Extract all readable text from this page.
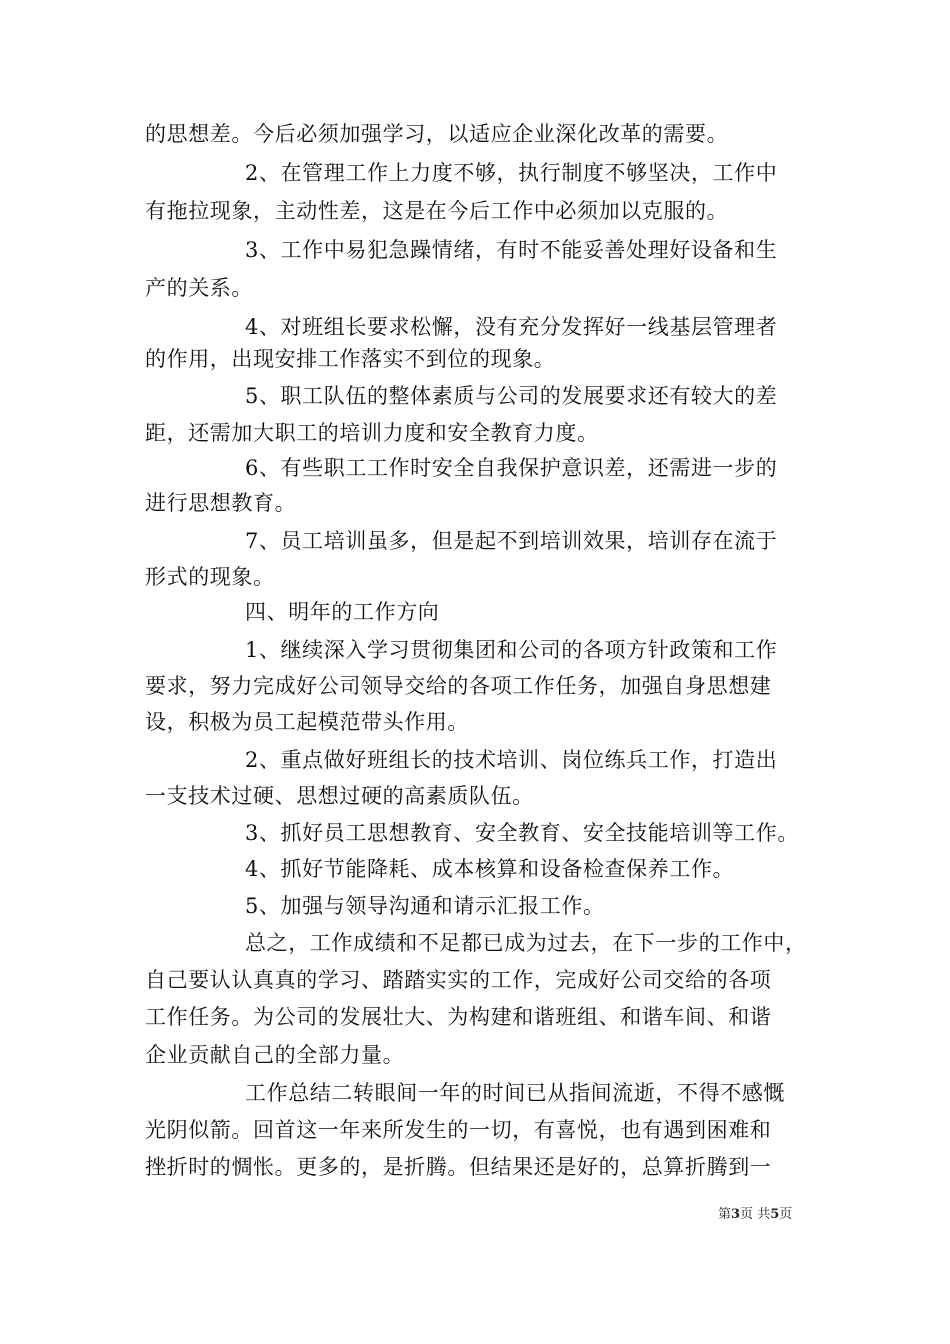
的思想差。今后必须加强学习，以适应企业深化改革的需要。
2、在管理工作上力度不够，执行制度不够坚决，工作中
有拖拉现象，主动性差，这是在今后工作中必须加以克服的。
3、工作中易犯急躁情绪，有时不能妥善处理好设备和生
产的关系。
4、对班组长要求松懈，没有充分发挥好一线基层管理者
的作用，出现安排工作落实不到位的现象。
5、职工队伍的整体素质与公司的发展要求还有较大的差
距，还需加大职工的培训力度和安全教育力度。
6、有些职工工作时安全自我保护意识差，还需进一步的
进行思想教育。
7、员工培训虽多，但是起不到培训效果，培训存在流于
形式的现象。
四、明年的工作方向
1、继续深入学习贯彻集团和公司的各项方针政策和工作
要求，努力完成好公司领导交给的各项工作任务，加强自身思想建
设，积极为员工起模范带头作用。
2、重点做好班组长的技术培训、岗位练兵工作，打造出
一支技术过硬、思想过硬的高素质队伍。
3、抓好员工思想教育、安全教育、安全技能培训等工作。
4、抓好节能降耗、成本核算和设备检查保养工作。
5、加强与领导沟通和请示汇报工作。
总之，工作成绩和不足都已成为过去，在下一步的工作中，
自己要认认真真的学习、踏踏实实的工作，完成好公司交给的各项
工作任务。为公司的发展壮大、为构建和谐班组、和谐车间、和谐
企业贡献自己的全部力量。
工作总结二转眼间一年的时间已从指间流逝，不得不感慨
光阴似箭。回首这一年来所发生的一切，有喜悦，也有遇到困难和
挫折时的惆怅。更多的，是折腾。但结果还是好的，总算折腾到一
第3页 共5页
